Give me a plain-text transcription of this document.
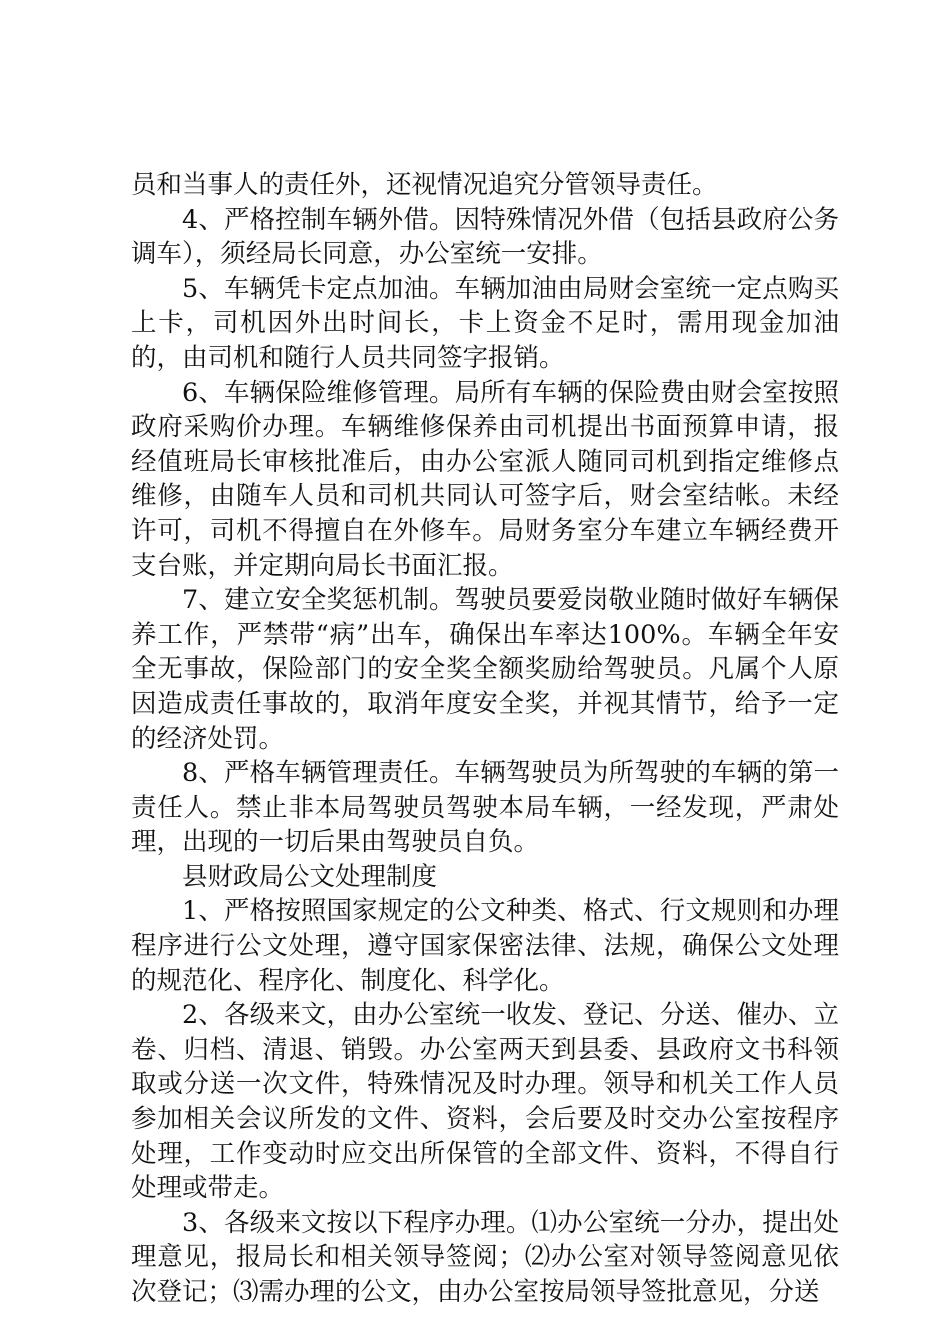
员和当事人的责任外，还视情况追究分管领导责任。

4、严格控制车辆外借。因特殊情况外借（包括县政府公务调车），须经局长同意，办公室统一安排。

5、车辆凭卡定点加油。车辆加油由局财会室统一定点购买上卡，司机因外出时间长，卡上资金不足时，需用现金加油的，由司机和随行人员共同签字报销。

6、车辆保险维修管理。局所有车辆的保险费由财会室按照政府采购价办理。车辆维修保养由司机提出书面预算申请，报经值班局长审核批准后，由办公室派人随同司机到指定维修点维修，由随车人员和司机共同认可签字后，财会室结帐。未经许可，司机不得擅自在外修车。局财务室分车建立车辆经费开支台账，并定期向局长书面汇报。

7、建立安全奖惩机制。驾驶员要爱岗敬业随时做好车辆保养工作，严禁带“病”出车，确保出车率达100%。车辆全年安全无事故，保险部门的安全奖全额奖励给驾驶员。凡属个人原因造成责任事故的，取消年度安全奖，并视其情节，给予一定的经济处罚。

8、严格车辆管理责任。车辆驾驶员为所驾驶的车辆的第一责任人。禁止非本局驾驶员驾驶本局车辆，一经发现，严肃处理，出现的一切后果由驾驶员自负。

县财政局公文处理制度

1、严格按照国家规定的公文种类、格式、行文规则和办理程序进行公文处理，遵守国家保密法律、法规，确保公文处理的规范化、程序化、制度化、科学化。

2、各级来文，由办公室统一收发、登记、分送、催办、立卷、归档、清退、销毁。办公室两天到县委、县政府文书科领取或分送一次文件，特殊情况及时办理。领导和机关工作人员参加相关会议所发的文件、资料，会后要及时交办公室按程序处理，工作变动时应交出所保管的全部文件、资料，不得自行处理或带走。

3、各级来文按以下程序办理。⑴办公室统一分办，提出处理意见，报局长和相关领导签阅；⑵办公室对领导签阅意见依次登记；⑶需办理的公文，由办公室按局领导签批意见，分送
